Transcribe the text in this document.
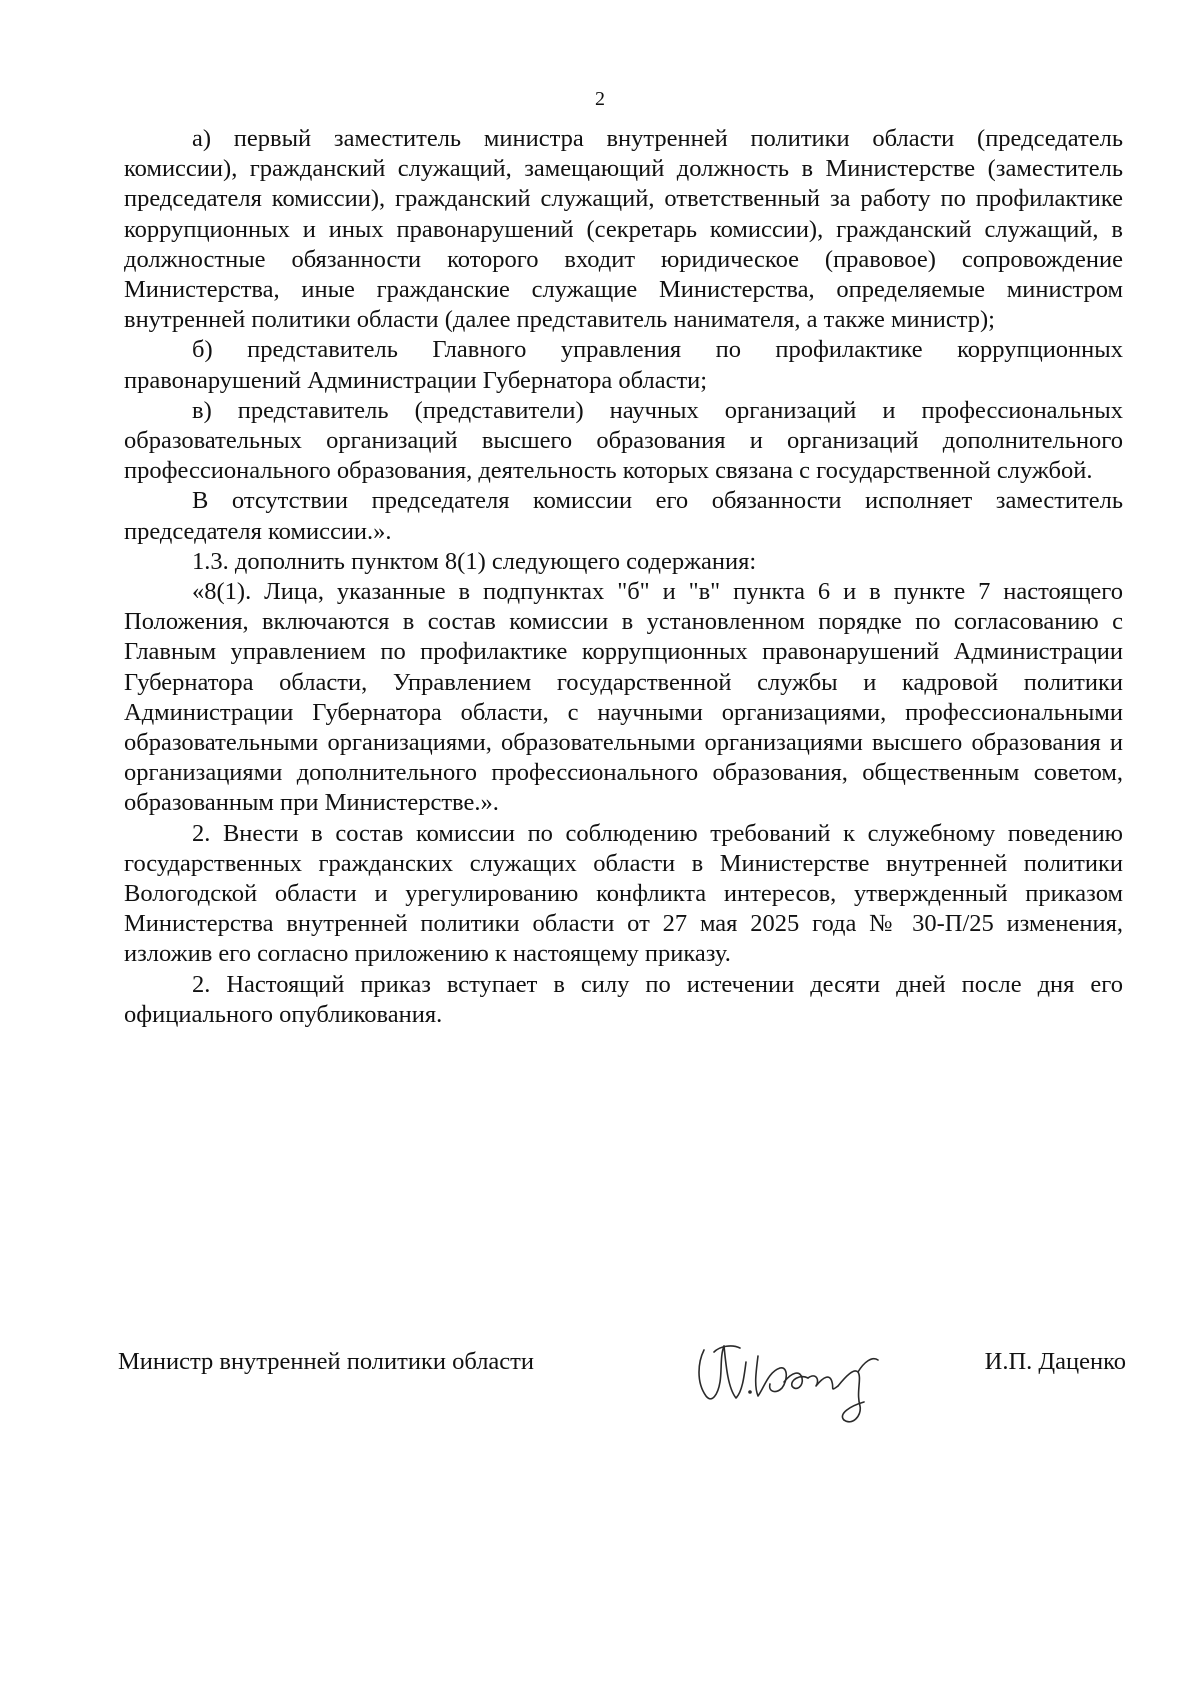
2

а) первый заместитель министра внутренней политики области (председатель комиссии), гражданский служащий, замещающий должность в Министерстве (заместитель председателя комиссии), гражданский служащий, ответственный за работу по профилактике коррупционных и иных правонарушений (секретарь комиссии), гражданский служащий, в должностные обязанности которого входит юридическое (правовое) сопровождение Министерства, иные гражданские служащие Министерства, определяемые министром внутренней политики области (далее представитель нанимателя, а также министр);

б) представитель Главного управления по профилактике коррупционных правонарушений Администрации Губернатора области;

в) представитель (представители) научных организаций и профессиональных образовательных организаций высшего образования и организаций дополнительного профессионального образования, деятельность которых связана с государственной службой.

В отсутствии председателя комиссии его обязанности исполняет заместитель председателя комиссии.».

1.3. дополнить пунктом 8(1) следующего содержания:

«8(1). Лица, указанные в подпунктах "б" и "в" пункта 6 и в пункте 7 настоящего Положения, включаются в состав комиссии в установленном порядке по согласованию с Главным управлением по профилактике коррупционных правонарушений Администрации Губернатора области, Управлением государственной службы и кадровой политики Администрации Губернатора области, с научными организациями, профессиональными образовательными организациями, образовательными организациями высшего образования и организациями дополнительного профессионального образования, общественным советом, образованным при Министерстве.».

2. Внести в состав комиссии по соблюдению требований к служебному поведению государственных гражданских служащих области в Министерстве внутренней политики Вологодской области и урегулированию конфликта интересов, утвержденный приказом Министерства внутренней политики области от 27 мая 2025 года № 30-П/25 изменения, изложив его согласно приложению к настоящему приказу.

2. Настоящий приказ вступает в силу по истечении десяти дней после дня его официального опубликования.

Министр внутренней политики области	И.П. Даценко
